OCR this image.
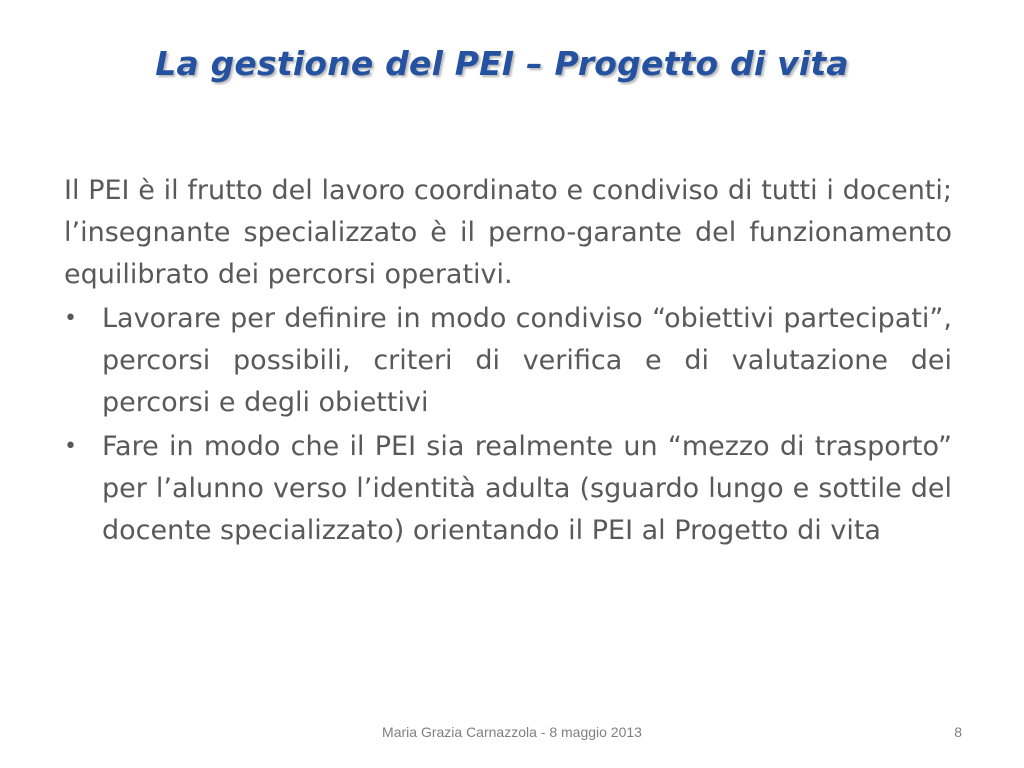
La gestione del PEI – Progetto di vita

Il PEI è il frutto del lavoro coordinato e condiviso di tutti i docenti; l’insegnante specializzato è il perno-garante del funzionamento equilibrato dei percorsi operativi.

• Lavorare per definire in modo condiviso “obiettivi partecipati”, percorsi possibili, criteri di verifica e di valutazione dei percorsi e degli obiettivi
• Fare in modo che il PEI sia realmente un “mezzo di trasporto” per l’alunno verso l’identità adulta (sguardo lungo e sottile del docente specializzato) orientando il PEI al Progetto di vita
Maria Grazia Carnazzola - 8 maggio 2013	8
